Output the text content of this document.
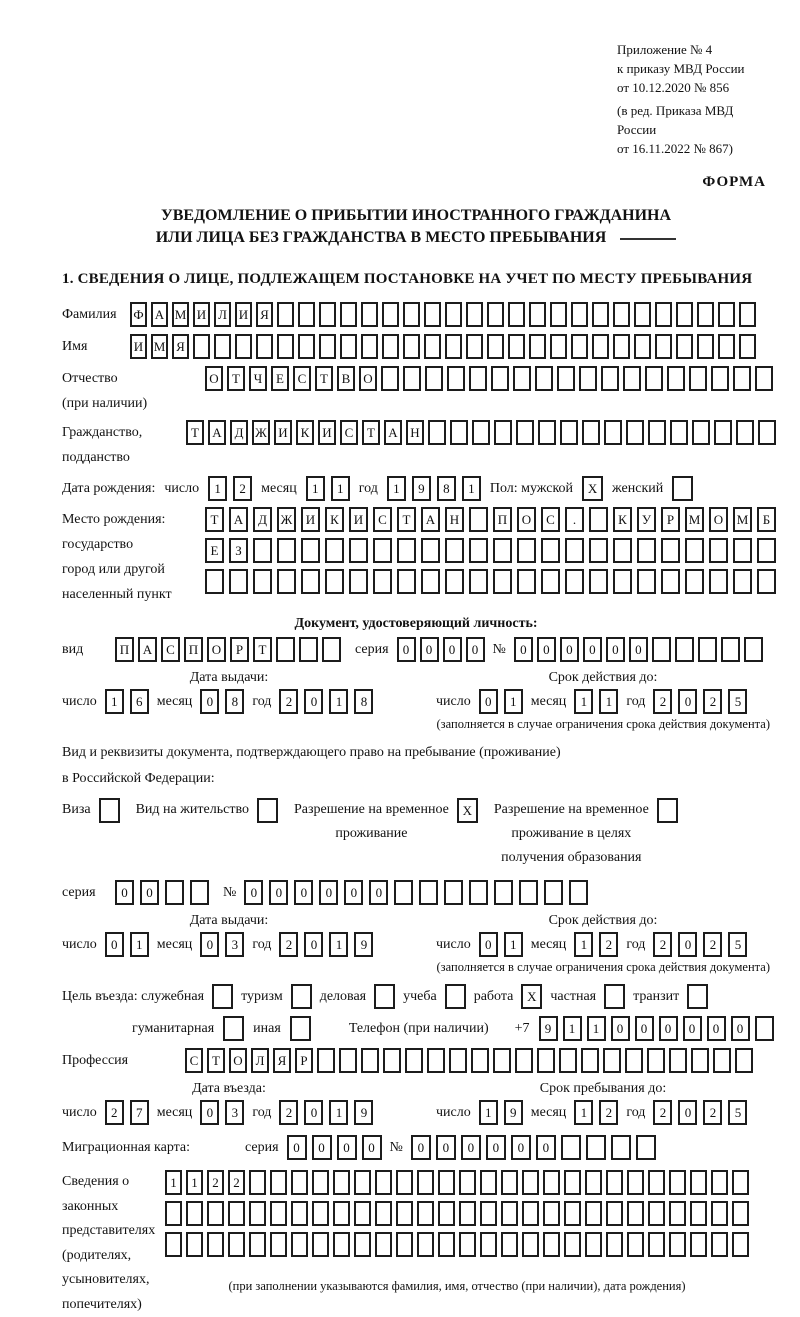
Приложение № 4
к приказу МВД России
от 10.12.2020 № 856
(в ред. Приказа МВД России
от 16.11.2022 № 867)
ФОРМА
УВЕДОМЛЕНИЕ О ПРИБЫТИИ ИНОСТРАННОГО ГРАЖДАНИНА
ИЛИ ЛИЦА БЕЗ ГРАЖДАНСТВА В МЕСТО ПРЕБЫВАНИЯ
1. СВЕДЕНИЯ О ЛИЦЕ, ПОДЛЕЖАЩЕМ ПОСТАНОВКЕ НА УЧЕТ ПО МЕСТУ ПРЕБЫВАНИЯ
Фамилия	Ф А М И Л И Я
Имя	И М Я
Отчество
(при наличии)
О	Т	Ч	Е	С	Т	В О
Гражданство,
подданство
Т	А Д Ж И К И С	Т	А Н
Дата рождения: число	1	2	месяц	1	1	год	1	9	8	1	Пол: мужской	X	женский
Место рождения:
государство
город или другой
населенный пункт
Т	А	Д	Ж	И	К	И	С	Т	А	Н	П	О	С	.	К	У	Р	М	О	М	Б
Е	З
Документ, удостоверяющий личность:
вид	П	А	С	П	О	Р	Т	серия	0	0	0	0	№	0	0	0	0	0	0
Дата выдачи:
число	1	6	месяц	0	8	год	2	0	1	8
Срок действия до:
число	0	1	месяц	1	1	год	2	0	2	5
(заполняется в случае ограничения срока действия документа)
Вид и реквизиты документа, подтверждающего право на пребывание (проживание)
в Российской Федерации:
Виза	Вид на жительство	Разрешение на временное
проживание
X	Разрешение на временное
проживание в целях
получения образования
серия	0	0	№	0	0	0	0	0	0
Дата выдачи:
число	0	1	месяц	0	3	год	2	0	1	9
Срок действия до:
число	0	1	месяц	1	2	год	2	0	2	5
(заполняется в случае ограничения срока действия документа)
Цель въезда: служебная	туризм	деловая	учеба	работа	X частная	транзит
гуманитарная	иная	Телефон (при наличии) +7	9	1	1	0	0	0	0	0	0
Профессия	С	Т	О Л	Я	Р
Дата въезда:
число	2	7	месяц	0	3	год	2	0	1	9
Срок пребывания до:
число	1	9	месяц	1	2	год	2	0	2	5
Миграционная карта:	серия	0	0	0	0	№	0	0	0	0	0	0
Сведения о
законных
представителях
(родителях,
усыновителях,
попечителях)
1	1	2	2
(при заполнении указываются фамилия, имя, отчество (при наличии), дата рождения)
